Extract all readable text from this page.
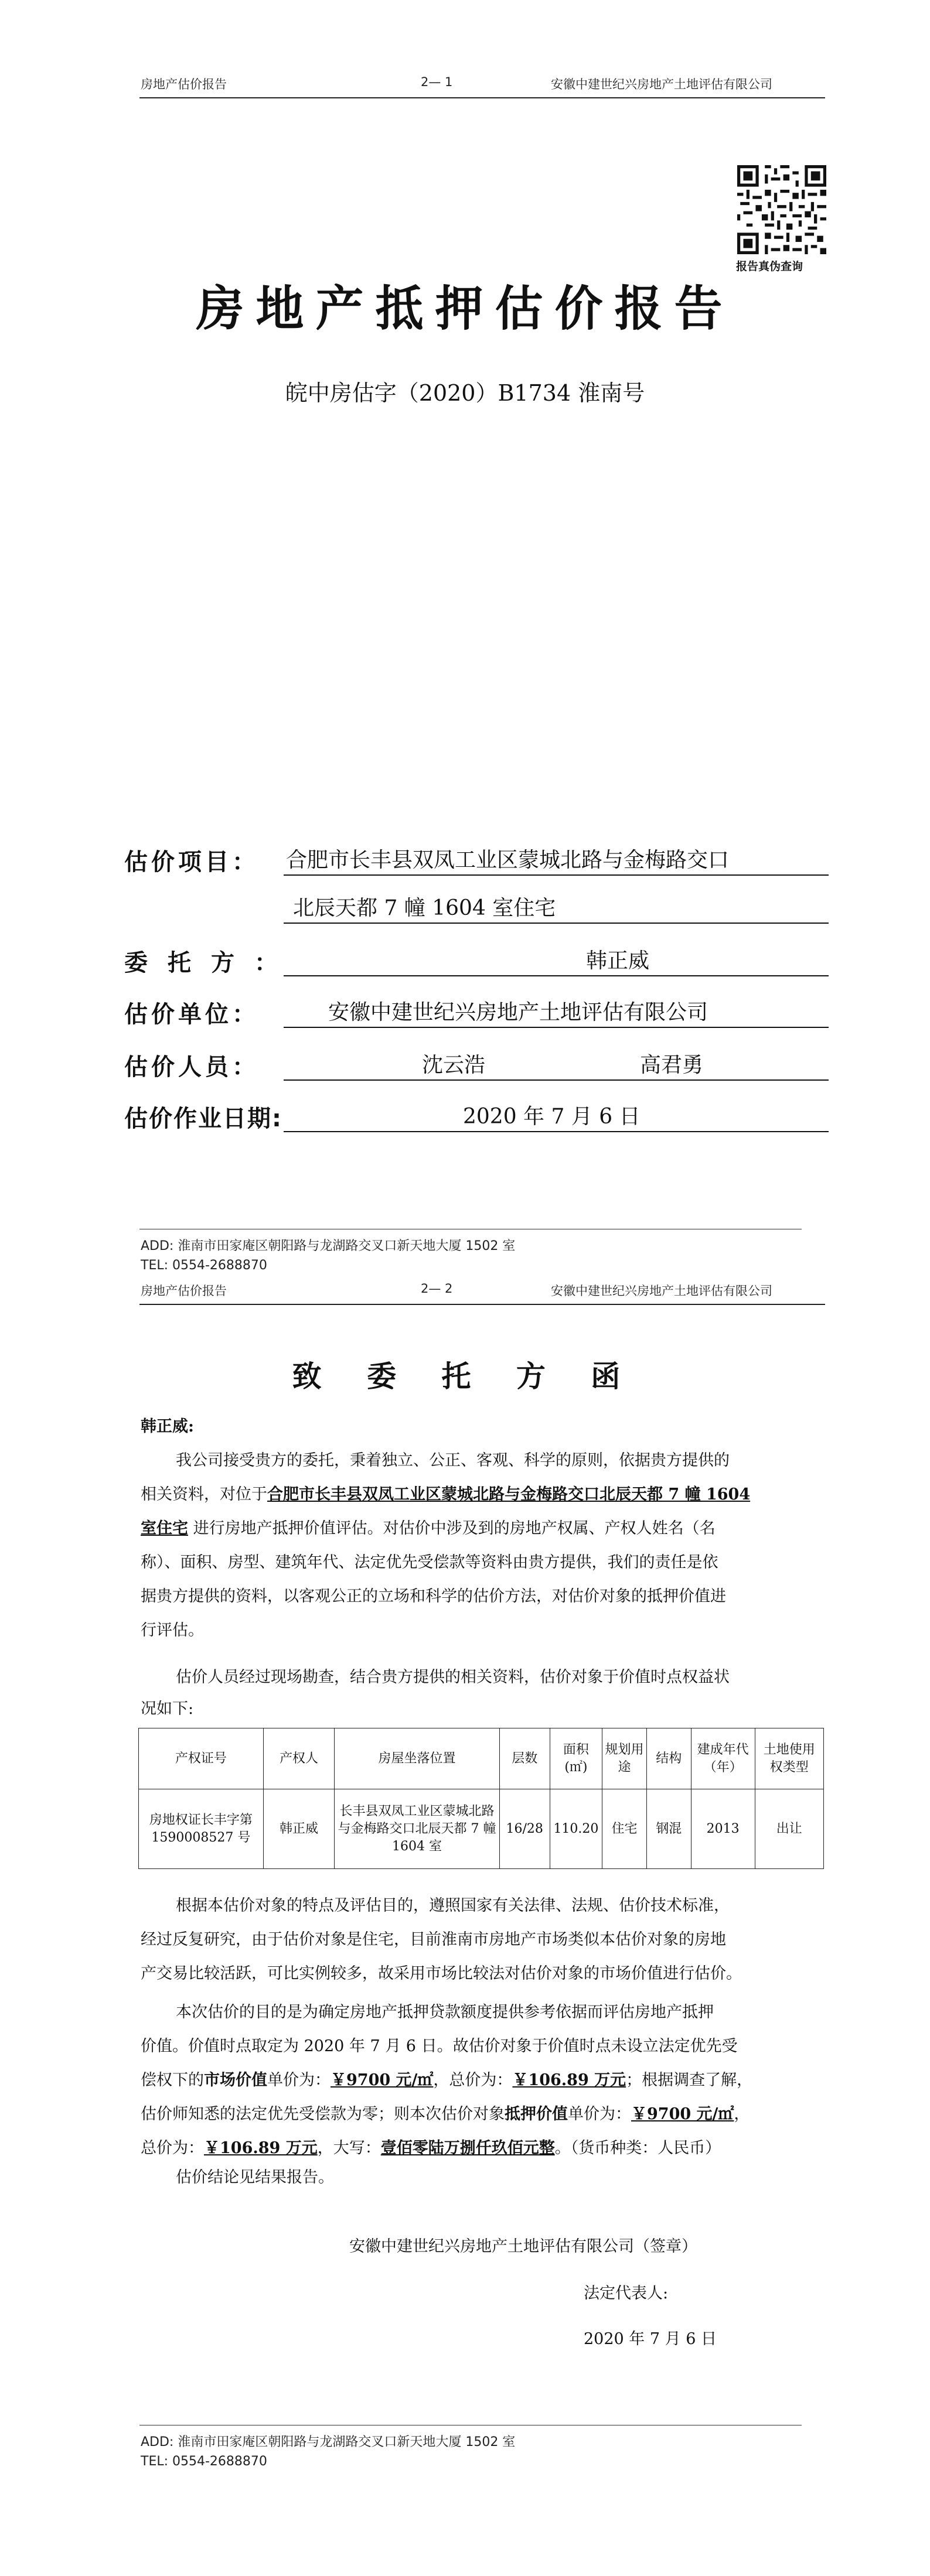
房地产估价报告	2— 1	安徽中建世纪兴房地产土地评估有限公司
报告真伪查询
房地产抵押估价报告
皖中房估字（2020）B1734 淮南号
估价项目： 合肥市长丰县双凤工业区蒙城北路与金梅路交口
北辰天都 7 幢 1604 室住宅
委托方：	韩正威
估价单位：	安徽中建世纪兴房地产土地评估有限公司
估价人员：	沈云浩	高君勇
估价作业日期:	2020 年 7 月 6 日
ADD: 淮南市田家庵区朝阳路与龙湖路交叉口新天地大厦 1502 室
TEL: 0554-2688870
房地产估价报告	2— 2	安徽中建世纪兴房地产土地评估有限公司
致 委 托 方 函
韩正威:
我公司接受贵方的委托，秉着独立、公正、客观、科学的原则，依据贵方提供的
相关资料，对位于合肥市长丰县双凤工业区蒙城北路与金梅路交口北辰天都 7 幢 1604
室住宅 进行房地产抵押价值评估。对估价中涉及到的房地产权属、产权人姓名（名
称）、面积、房型、建筑年代、法定优先受偿款等资料由贵方提供，我们的责任是依
据贵方提供的资料，以客观公正的立场和科学的估价方法，对估价对象的抵押价值进
行评估。
估价人员经过现场勘查，结合贵方提供的相关资料，估价对象于价值时点权益状
况如下:
产权证号	产权人	房屋坐落位置	层数	面积(㎡)	规划用途	结构	建成年代（年）	土地使用权类型
房地权证长丰字第 1590008527 号	韩正威	长丰县双凤工业区蒙城北路与金梅路交口北辰天都 7 幢 1604 室	16/28	110.20	住宅	钢混	2013	出让
根据本估价对象的特点及评估目的，遵照国家有关法律、法规、估价技术标准，
经过反复研究，由于估价对象是住宅，目前淮南市房地产市场类似本估价对象的房地
产交易比较活跃，可比实例较多，故采用市场比较法对估价对象的市场价值进行估价。
本次估价的目的是为确定房地产抵押贷款额度提供参考依据而评估房地产抵押
价值。价值时点取定为 2020 年 7 月 6 日。故估价对象于价值时点未设立法定优先受
偿权下的市场价值单价为：￥9700 元/㎡，总价为：￥106.89 万元；根据调查了解，
估价师知悉的法定优先受偿款为零；则本次估价对象抵押价值单价为：￥9700 元/㎡，
总价为：￥106.89 万元，大写：壹佰零陆万捌仟玖佰元整。（货币种类：人民币）
估价结论见结果报告。
安徽中建世纪兴房地产土地评估有限公司（签章）
法定代表人:
2020 年 7 月 6 日
ADD: 淮南市田家庵区朝阳路与龙湖路交叉口新天地大厦 1502 室
TEL: 0554-2688870
